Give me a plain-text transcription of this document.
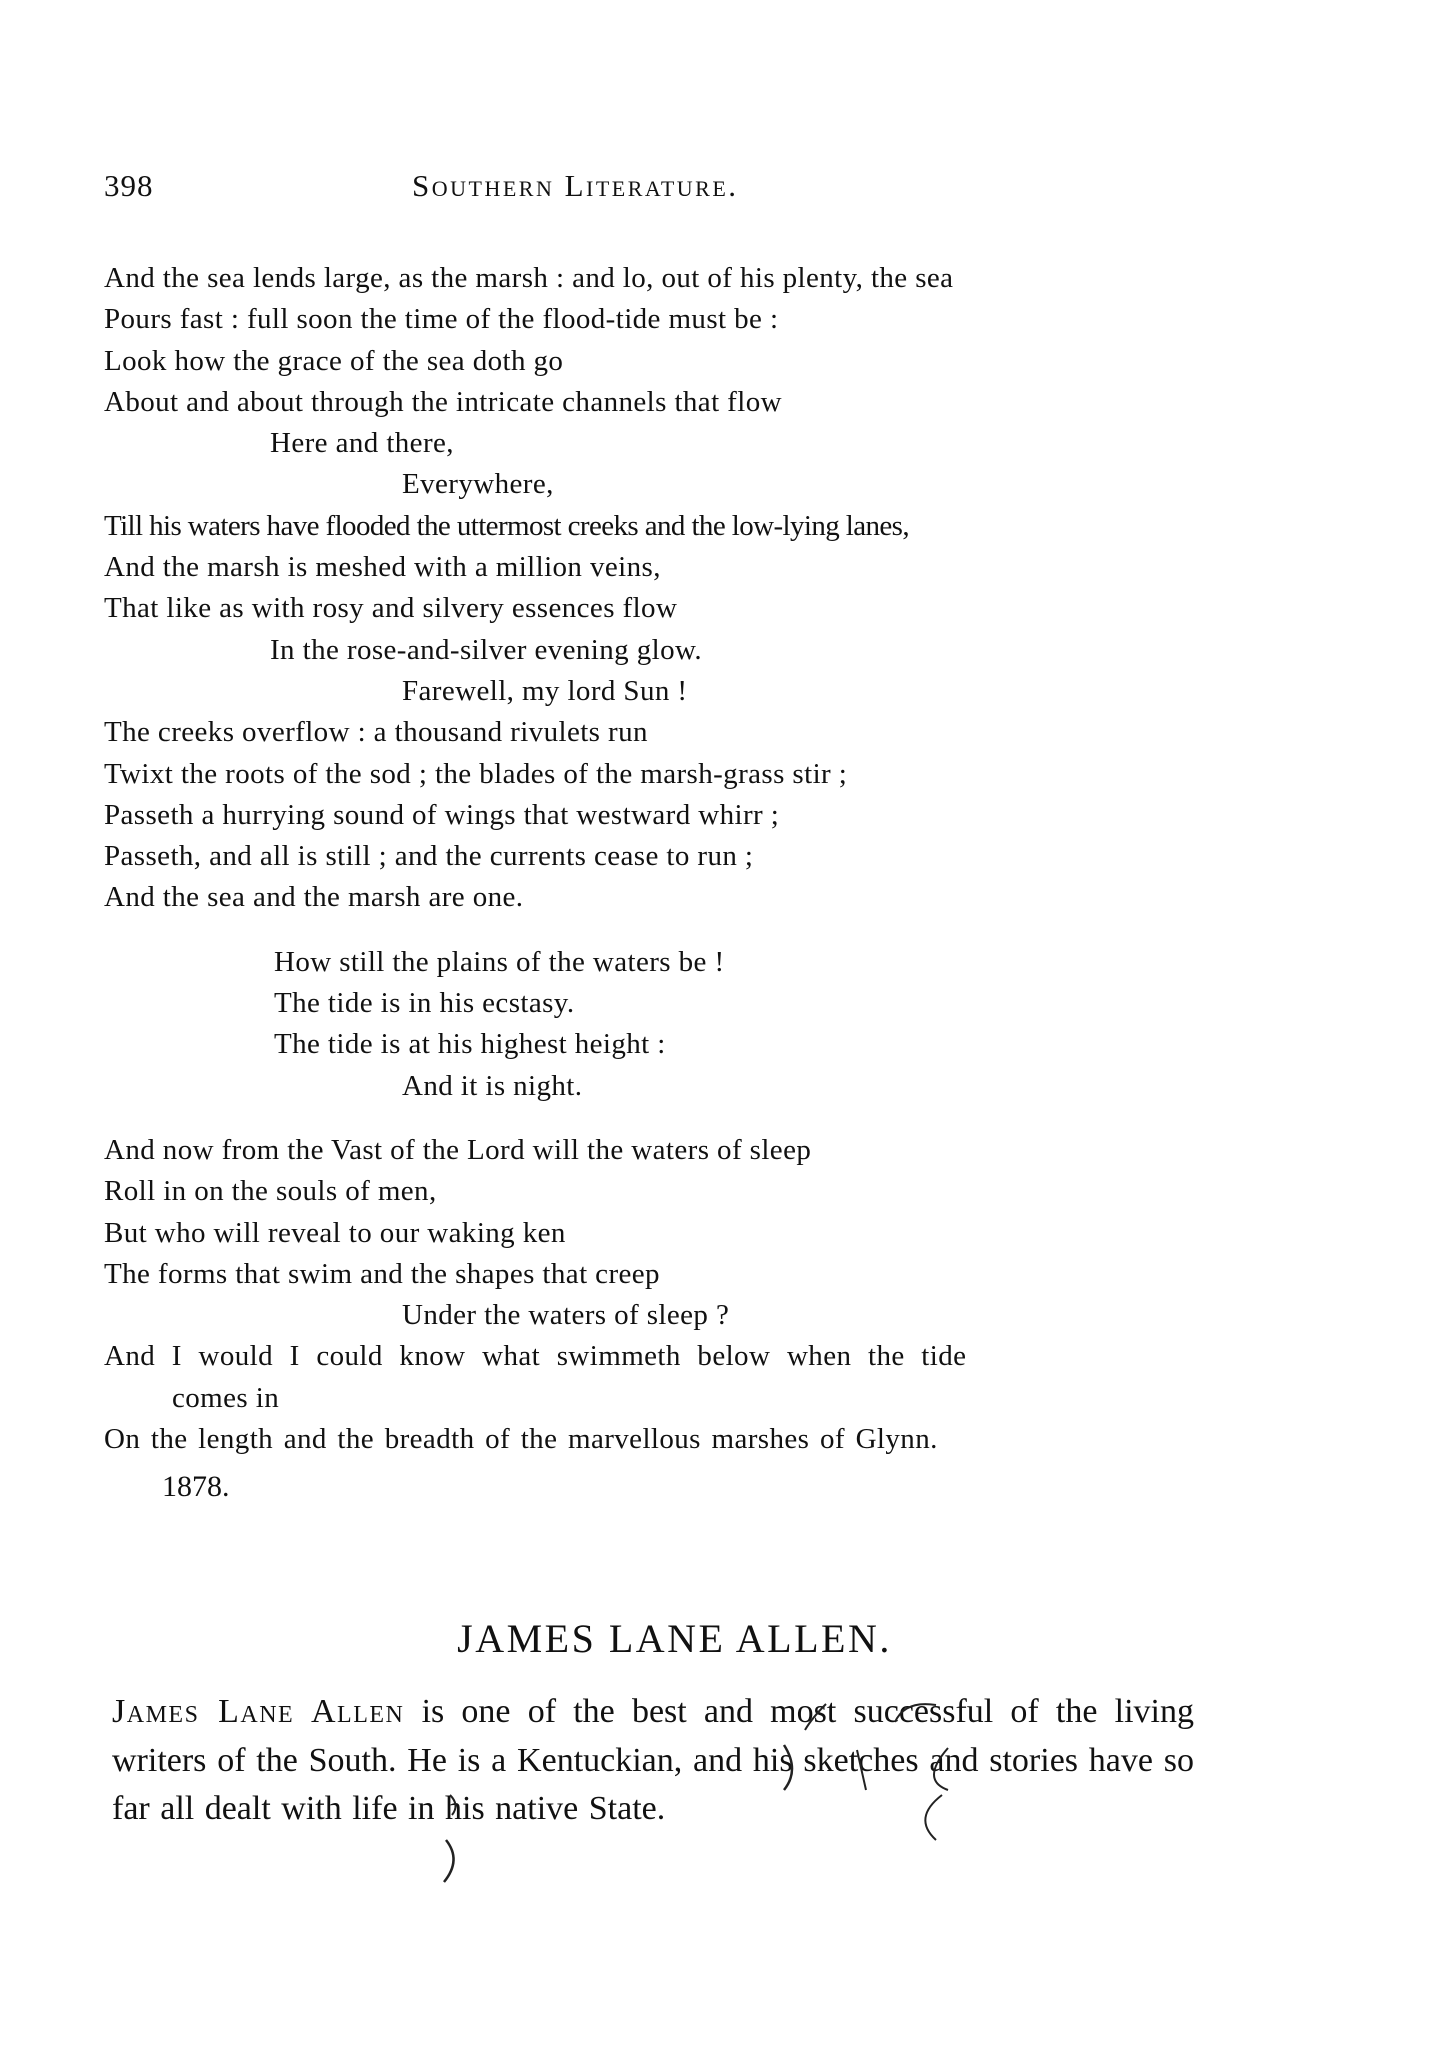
398	Southern Literature.
And the sea lends large, as the marsh : and lo, out of his plenty, the sea
Pours fast : full soon the time of the flood-tide must be :
Look how the grace of the sea doth go
About and about through the intricate channels that flow
Here and there,
Everywhere,
Till his waters have flooded the uttermost creeks and the low-lying lanes,
And the marsh is meshed with a million veins,
That like as with rosy and silvery essences flow
In the rose-and-silver evening glow.
Farewell, my lord Sun !
The creeks overflow : a thousand rivulets run
Twixt the roots of the sod ; the blades of the marsh-grass stir ;
Passeth a hurrying sound of wings that westward whirr ;
Passeth, and all is still ; and the currents cease to run ;
And the sea and the marsh are one.
How still the plains of the waters be !
The tide is in his ecstasy.
The tide is at his highest height :
And it is night.
And now from the Vast of the Lord will the waters of sleep
Roll in on the souls of men,
But who will reveal to our waking ken
The forms that swim and the shapes that creep
Under the waters of sleep ?
And I would I could know what swimmeth below when the tide
comes in
On the length and the breadth of the marvellous marshes of Glynn.
1878.
JAMES LANE ALLEN.
James Lane Allen is one of the best and most successful of the living writers of the South. He is a Kentuckian, and his sketches and stories have so far all dealt with life in his native State.
